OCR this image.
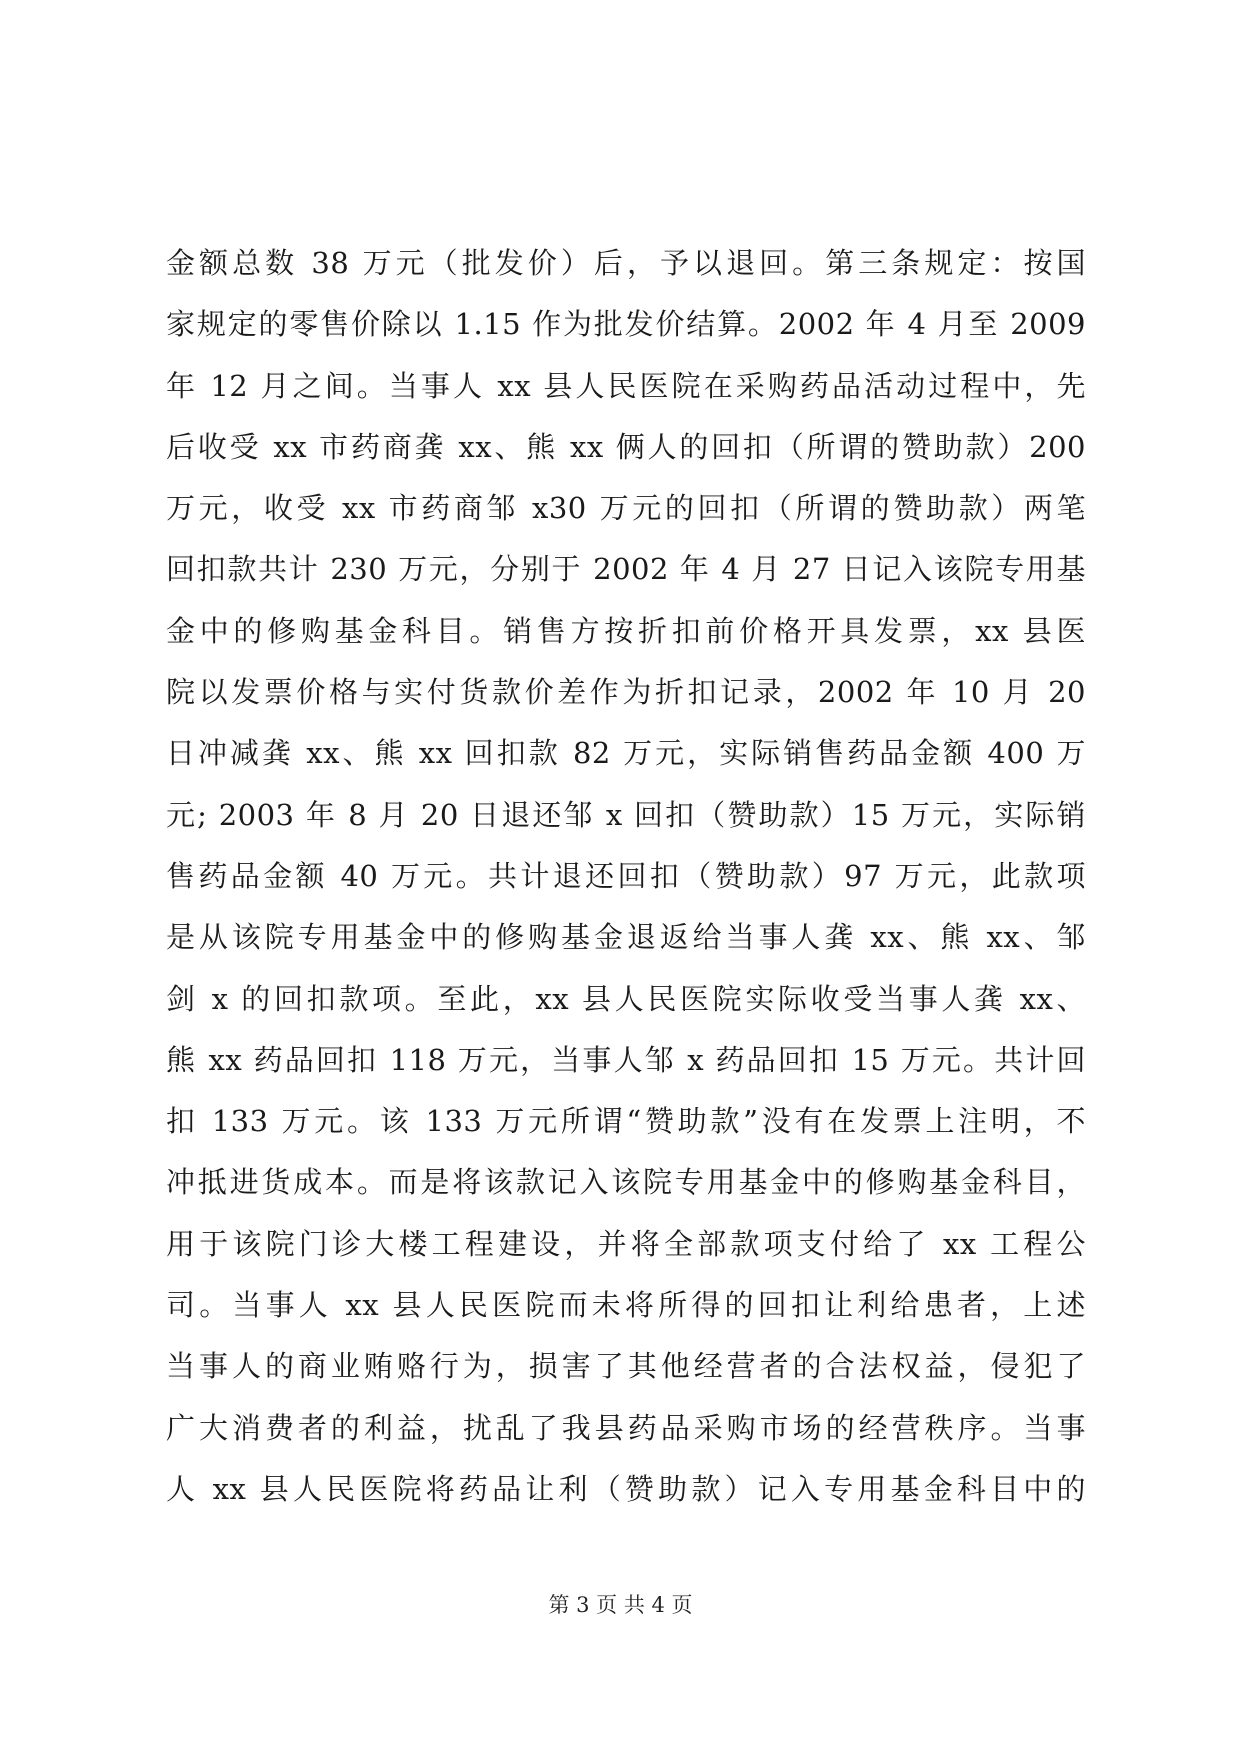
金额总数 38 万元（批发价）后，予以退回。第三条规定：按国
家规定的零售价除以 1.15 作为批发价结算。2002 年 4 月至 2009
年 12 月之间。当事人 xx 县人民医院在采购药品活动过程中，先
后收受 xx 市药商龚 xx、熊 xx 俩人的回扣（所谓的赞助款）200
万元，收受 xx 市药商邹 x30 万元的回扣（所谓的赞助款）两笔
回扣款共计 230 万元，分别于 2002 年 4 月 27 日记入该院专用基
金中的修购基金科目。销售方按折扣前价格开具发票，xx 县医
院以发票价格与实付货款价差作为折扣记录，2002 年 10 月 20
日冲减龚 xx、熊 xx 回扣款 82 万元，实际销售药品金额 400 万
元; 2003 年 8 月 20 日退还邹 x 回扣（赞助款）15 万元，实际销
售药品金额 40 万元。共计退还回扣（赞助款）97 万元，此款项
是从该院专用基金中的修购基金退返给当事人龚 xx、熊 xx、邹
剑 x 的回扣款项。至此，xx 县人民医院实际收受当事人龚 xx、
熊 xx 药品回扣 118 万元，当事人邹 x 药品回扣 15 万元。共计回
扣 133 万元。该 133 万元所谓“赞助款”没有在发票上注明，不
冲抵进货成本。而是将该款记入该院专用基金中的修购基金科目，
用于该院门诊大楼工程建设，并将全部款项支付给了 xx 工程公
司。当事人 xx 县人民医院而未将所得的回扣让利给患者，上述
当事人的商业贿赂行为，损害了其他经营者的合法权益，侵犯了
广大消费者的利益，扰乱了我县药品采购市场的经营秩序。当事
人 xx 县人民医院将药品让利（赞助款）记入专用基金科目中的
第 3 页 共 4 页
